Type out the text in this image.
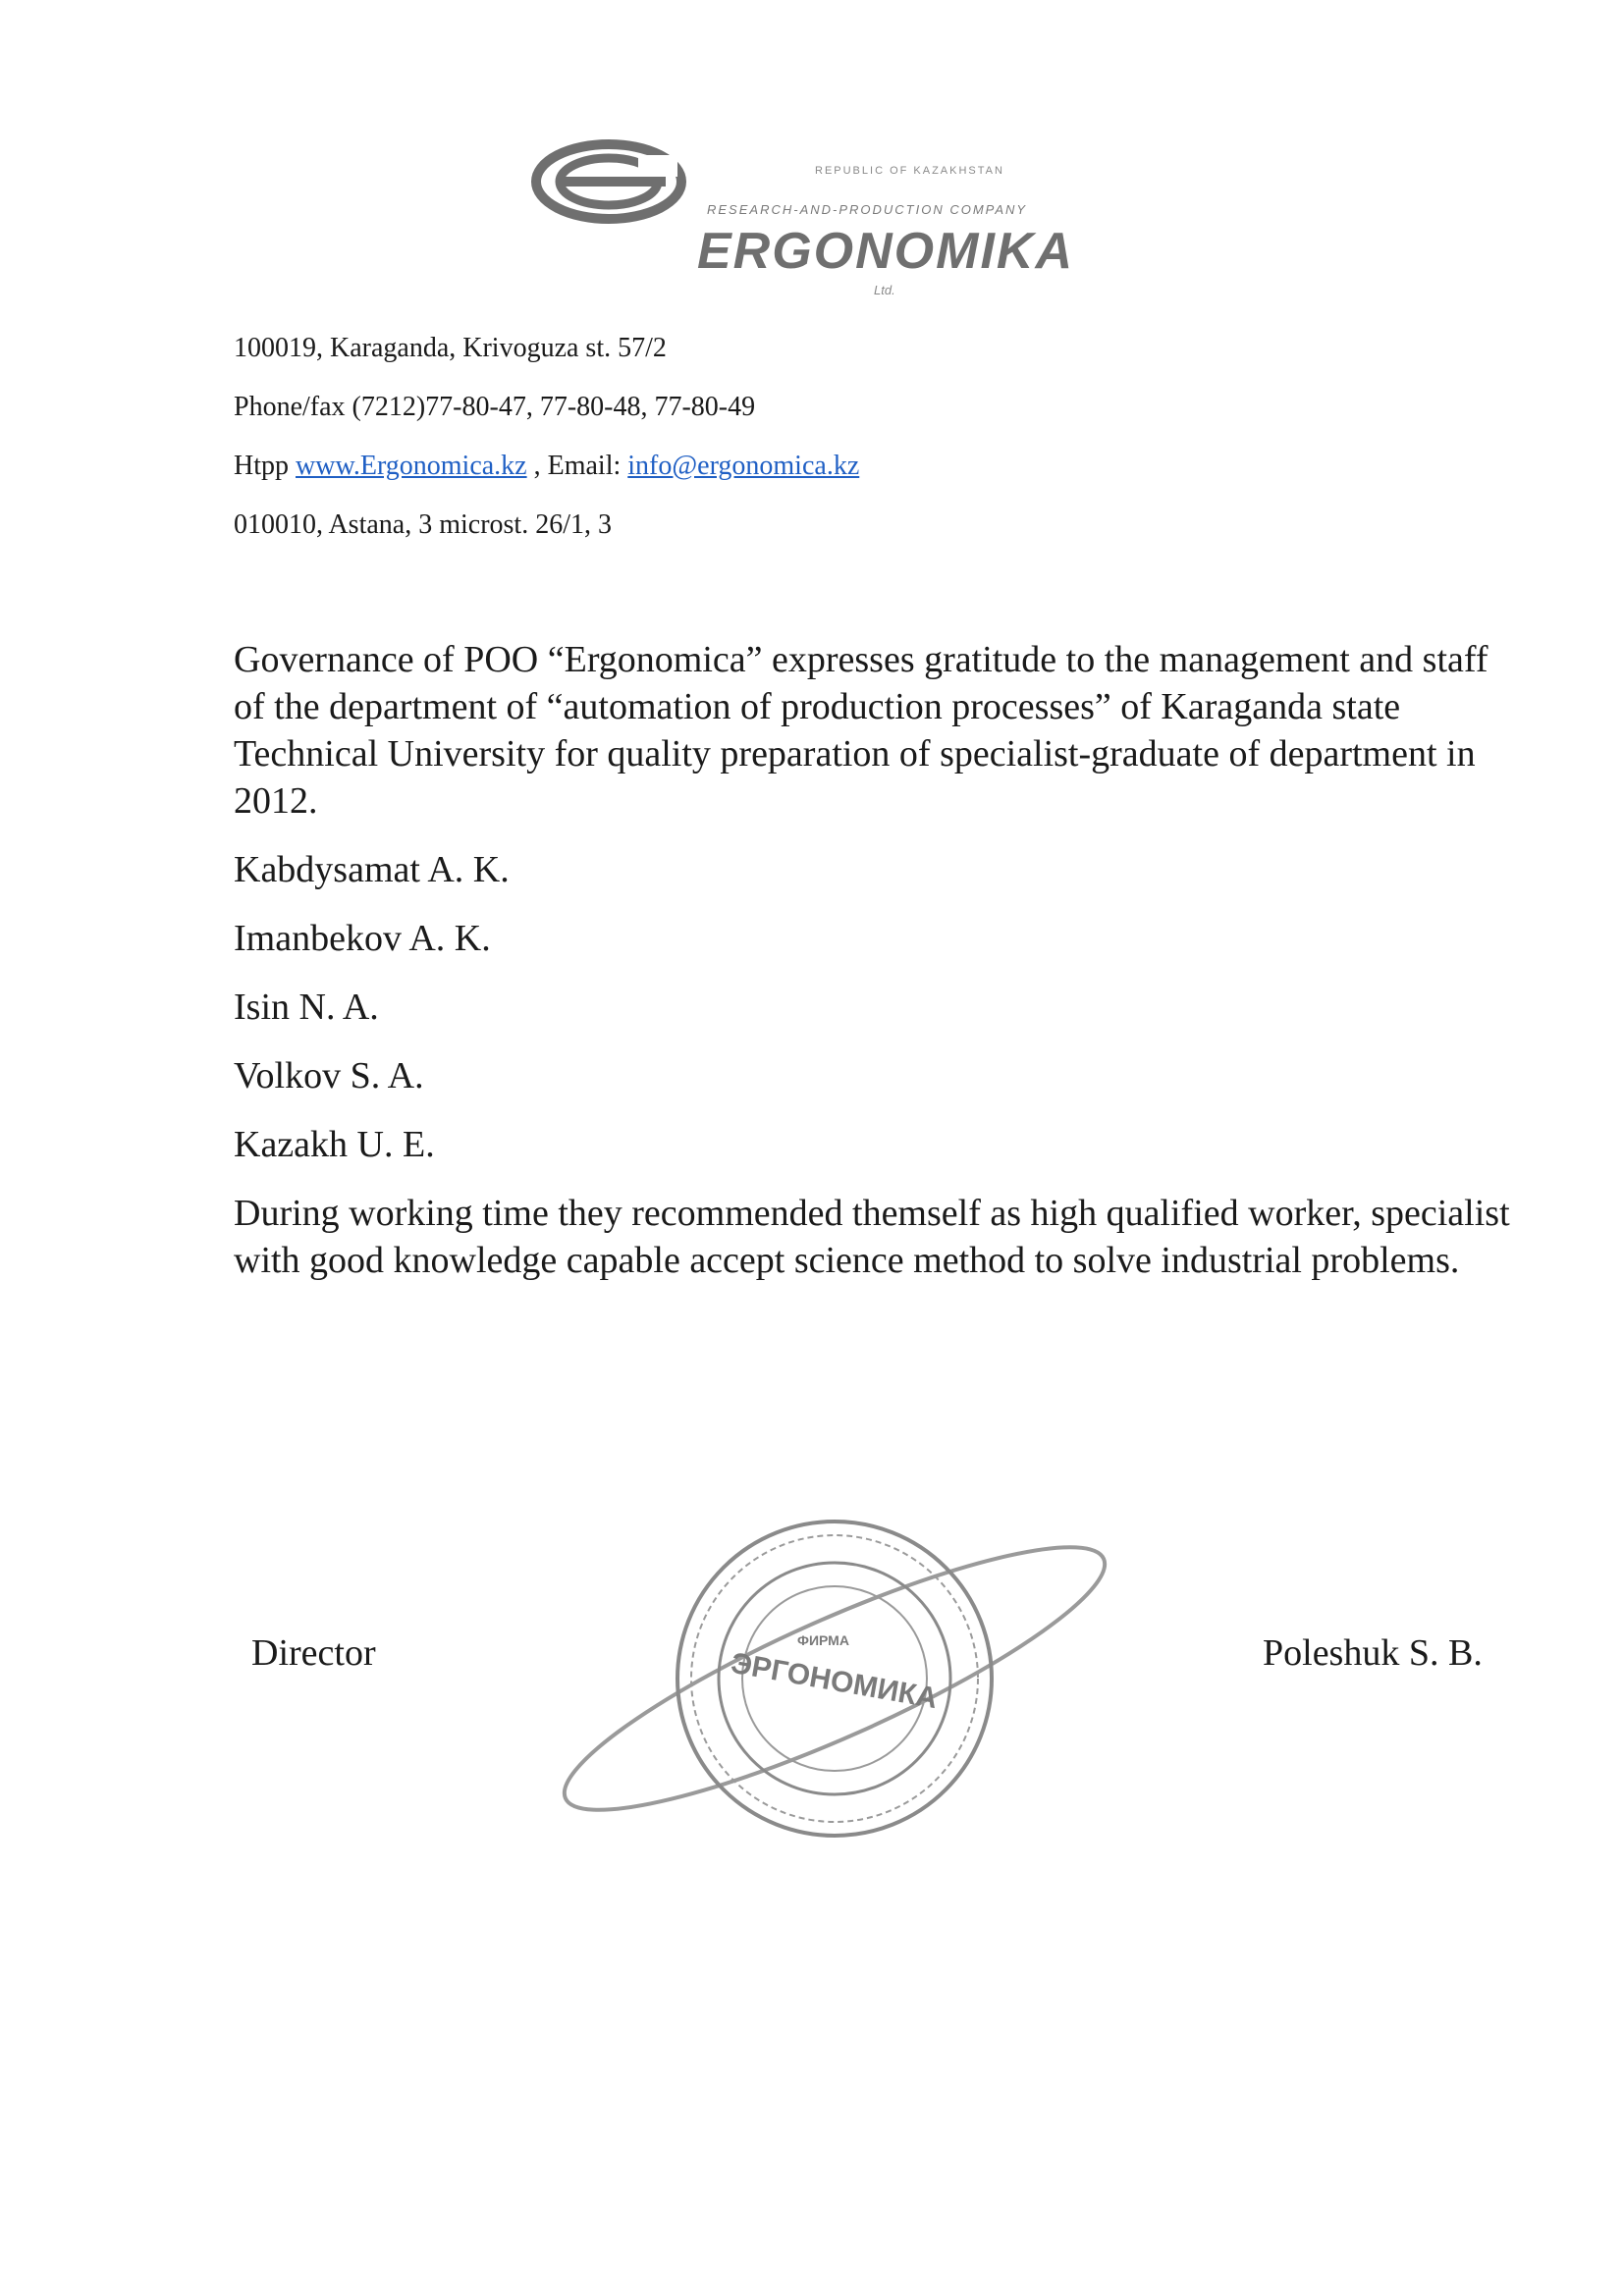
REPUBLIC OF KAZAKHSTAN
RESEARCH-AND-PRODUCTION COMPANY
ERGONOMIKA
Ltd.
100019, Karaganda, Krivoguza st. 57/2
Phone/fax (7212)77-80-47, 77-80-48, 77-80-49
Htpp www.Ergonomica.kz , Email: info@ergonomica.kz
010010, Astana, 3 microst. 26/1, 3

Governance of POO “Ergonomica” expresses gratitude to the management and staff of the department of “automation of production processes” of Karaganda state Technical University for quality preparation of specialist-graduate of department in 2012.

Kabdysamat A. K.
Imanbekov A. K.
Isin N. A.
Volkov S. A.
Kazakh U. E.

During working time they recommended themself as high qualified worker, specialist with good knowledge capable accept science method to solve industrial problems.

ФИРМА
ЭРГОНОМИКА
Director	Poleshuk S. B.
